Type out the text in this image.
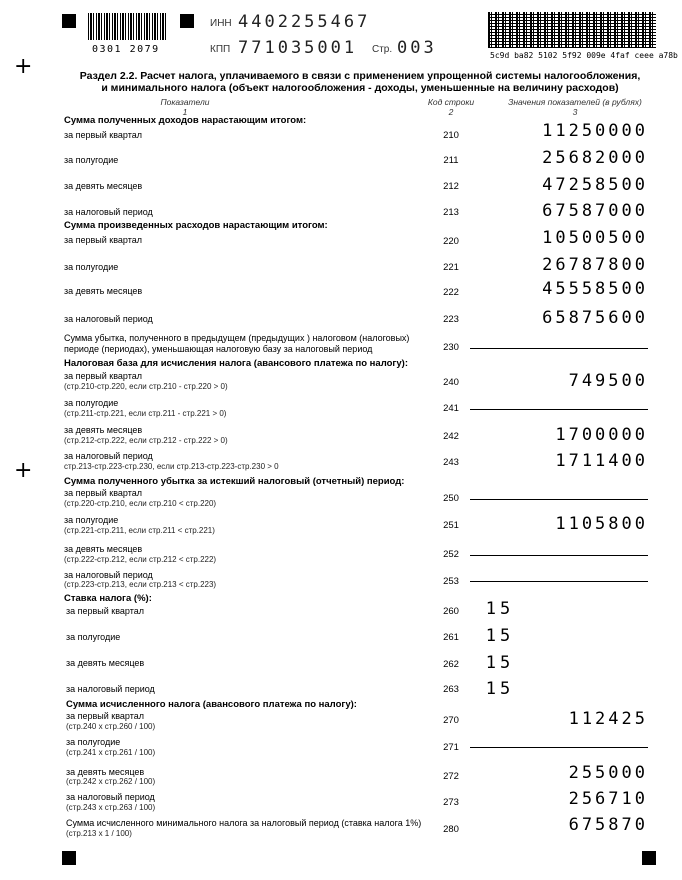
+
+
0301 2079
ИНН 4402255467
КПП 771035001 Стр. 003	5c9d ba82 5102 5f92 009e 4faf ceee a78b
Раздел 2.2. Расчет налога, уплачиваемого в связи с применением упрощенной системы налогообложения,
и минимального налога (объект налогообложения - доходы, уменьшенные на величину расходов)
Показатели
1
Код строки
2
Значения показателей (в рублях)
3
Сумма полученных доходов нарастающим итогом:
за первый квартал	210	11250000
за полугодие	211	25682000
за девять месяцев	212	47258500
за налоговый период	213	67587000
Сумма произведенных расходов нарастающим итогом:
за первый квартал	220	10500500
за полугодие	221	26787800
за девять месяцев	222	45558500
за налоговый период	223	65875600
Сумма убытка, полученного в предыдущем (предыдущих ) налоговом (налоговых)
периоде (периодах), уменьшающая налоговую базу за налоговый период	230
Налоговая база для исчисления налога (авансового платежа по налогу):
за первый квартал
(стр.210-стр.220, если стр.210 - стр.220 > 0)	240	749500
за полугодие
(стр.211-стр.221, если стр.211 - стр.221 > 0)	241
за девять месяцев
(стр.212-стр.222, если стр.212 - стр.222 > 0)	242	1700000
за налоговый период
стр.213-стр.223-стр.230, если стр.213-стр.223-стр.230 > 0	243	1711400
Сумма полученного убытка за истекший налоговый (отчетный) период:
за первый квартал
(стр.220-стр.210, если стр.210 < стр.220)	250
за полугодие
(стр.221-стр.211, если стр.211 < стр.221)	251	1105800
за девять месяцев
(стр.222-стр.212, если стр.212 < стр.222)	252
за налоговый период
(стр.223-стр.213, если стр.213 < стр.223)	253
Ставка налога (%):
за первый квартал	260	15
за полугодие	261	15
за девять месяцев	262	15
за налоговый период	263	15
Сумма исчисленного налога (авансового платежа по налогу):
за первый квартал
(стр.240 х стр.260 / 100)
270	112425
за полугодие
(стр.241 х стр.261 / 100)	271
за девять месяцев
(стр.242 х стр.262 / 100)	272	255000
за налоговый период
(стр.243 х стр.263 / 100)	273	256710
Сумма исчисленного минимального налога за налоговый период (ставка налога 1%)
(стр.213 х 1 / 100)	280	675870
